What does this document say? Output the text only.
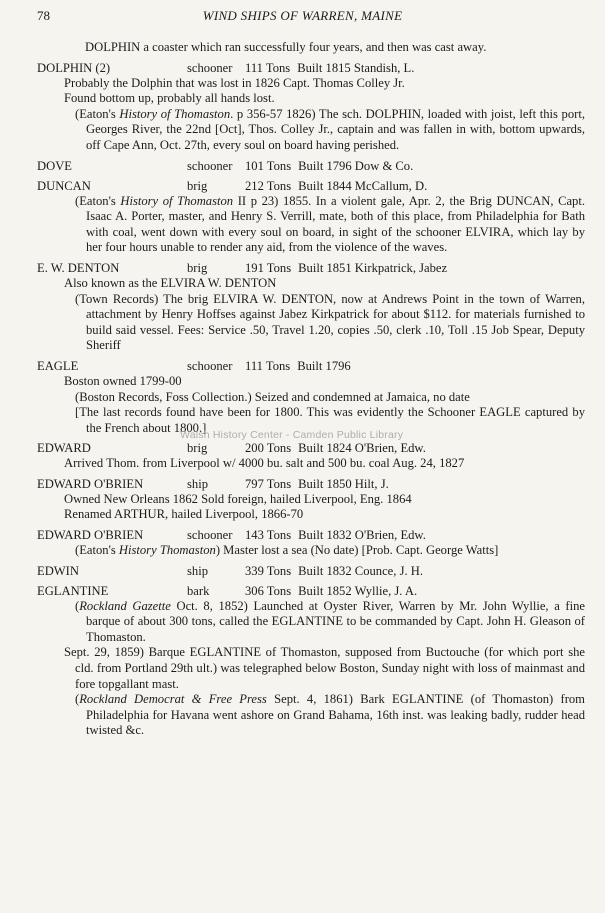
78	WIND SHIPS OF WARREN, MAINE
DOLPHIN a coaster which ran successfully four years, and then was cast away.
DOLPHIN (2)	schooner 111 Tons Built 1815 Standish, L.
Probably the Dolphin that was lost in 1826 Capt. Thomas Colley Jr.
Found bottom up, probably all hands lost.
(Eaton's History of Thomaston. p 356-57 1826) The sch. DOLPHIN, loaded with joist, left this port, Georges River, the 22nd [Oct], Thos. Colley Jr., captain and was fallen in with, bottom upwards, off Cape Ann, Oct. 27th, every soul on board having perished.
DOVE	schooner 101 Tons Built 1796 Dow & Co.
DUNCAN	brig	212 Tons Built 1844 McCallum, D.
(Eaton's History of Thomaston II p 23) 1855. In a violent gale, Apr. 2, the Brig DUNCAN, Capt. Isaac A. Porter, master, and Henry S. Verrill, mate, both of this place, from Philadelphia for Bath with coal, went down with every soul on board, in sight of the schooner ELVIRA, which lay by her four hours unable to render any aid, from the violence of the waves.
E. W. DENTON	brig	191 Tons Built 1851 Kirkpatrick, Jabez
Also known as the ELVIRA W. DENTON
(Town Records) The brig ELVIRA W. DENTON, now at Andrews Point in the town of Warren, attachment by Henry Hoffses against Jabez Kirkpatrick for about $112. for materials furnished to build said vessel. Fees: Service .50, Travel 1.20, copies .50, clerk .10, Toll .15 Job Spear, Deputy Sheriff
EAGLE	schooner 111 Tons Built 1796
Boston owned 1799-00
(Boston Records, Foss Collection.) Seized and condemned at Jamaica, no date
[The last records found have been for 1800. This was evidently the Schooner EAGLE captured by the French about 1800.]
EDWARD	brig	200 Tons Built 1824 O'Brien, Edw.
Arrived Thom. from Liverpool w/ 4000 bu. salt and 500 bu. coal Aug. 24, 1827
EDWARD O'BRIEN	ship	797 Tons Built 1850 Hilt, J.
Owned New Orleans 1862 Sold foreign, hailed Liverpool, Eng. 1864
Renamed ARTHUR, hailed Liverpool, 1866-70
EDWARD O'BRIEN	schooner 143 Tons Built 1832 O'Brien, Edw.
(Eaton's History Thomaston) Master lost a sea (No date) [Prob. Capt. George Watts]
EDWIN	ship	339 Tons Built 1832 Counce, J. H.
EGLANTINE	bark	306 Tons Built 1852 Wyllie, J. A.
(Rockland Gazette Oct. 8, 1852) Launched at Oyster River, Warren by Mr. John Wyllie, a fine barque of about 300 tons, called the EGLANTINE to be commanded by Capt. John H. Gleason of Thomaston.
Sept. 29, 1859) Barque EGLANTINE of Thomaston, supposed from Buctouche (for which port she cld. from Portland 29th ult.) was telegraphed below Boston, Sunday night with loss of mainmast and fore topgallant mast.
(Rockland Democrat & Free Press Sept. 4, 1861) Bark EGLANTINE (of Thomaston) from Philadelphia for Havana went ashore on Grand Bahama, 16th inst. was leaking badly, rudder head twisted &c.
Walsh History Center - Camden Public Library
